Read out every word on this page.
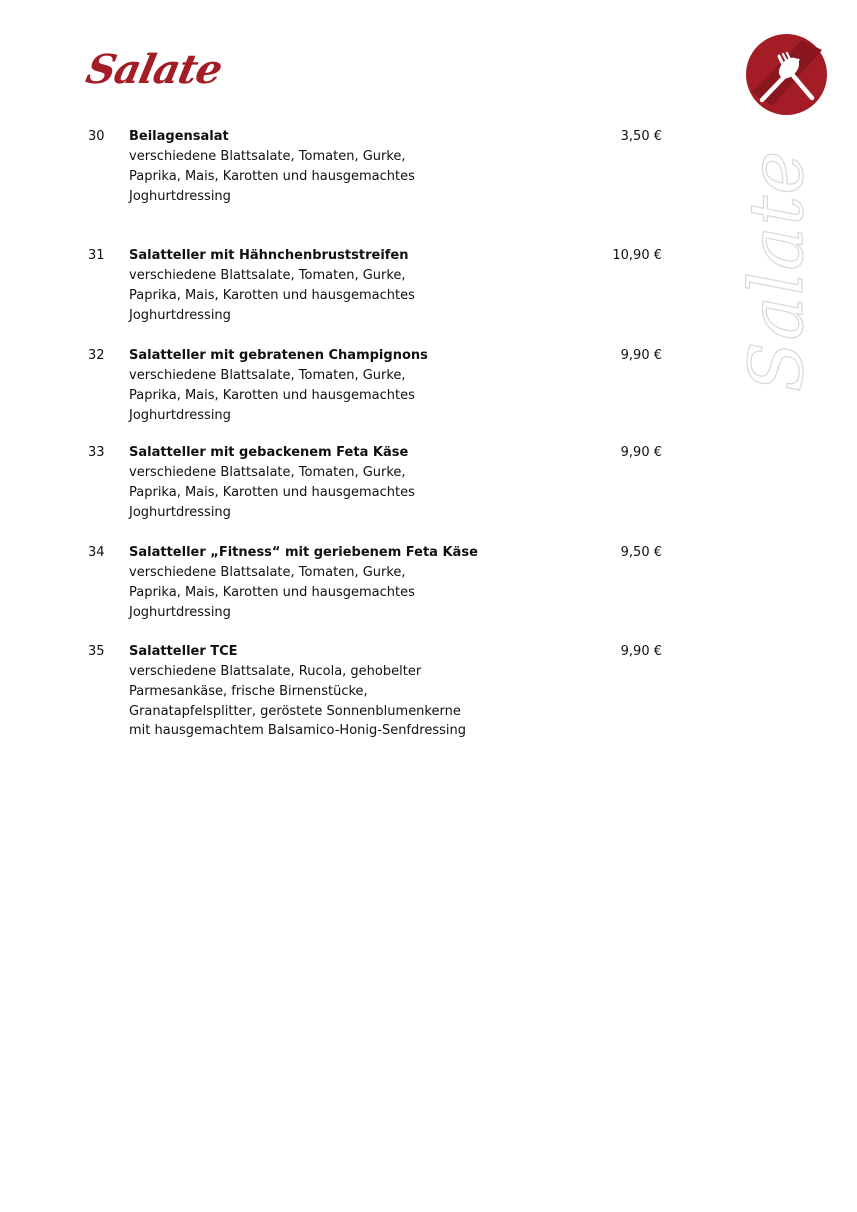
Salate
Salate
30 Beilagensalat
verschiedene Blattsalate, Tomaten, Gurke,
Paprika, Mais, Karotten und hausgemachtes
Joghurtdressing
3,50 €
31 Salatteller mit Hähnchenbruststreifen
verschiedene Blattsalate, Tomaten, Gurke,
Paprika, Mais, Karotten und hausgemachtes
Joghurtdressing
10,90 €
32 Salatteller mit gebratenen Champignons
verschiedene Blattsalate, Tomaten, Gurke,
Paprika, Mais, Karotten und hausgemachtes
Joghurtdressing
9,90 €
33 Salatteller mit gebackenem Feta Käse
verschiedene Blattsalate, Tomaten, Gurke,
Paprika, Mais, Karotten und hausgemachtes
Joghurtdressing
9,90 €
34 Salatteller „Fitness“ mit geriebenem Feta Käse
verschiedene Blattsalate, Tomaten, Gurke,
Paprika, Mais, Karotten und hausgemachtes
Joghurtdressing
9,50 €
35 Salatteller TCE
verschiedene Blattsalate, Rucola, gehobelter
Parmesankäse, frische Birnenstücke,
Granatapfelsplitter, geröstete Sonnenblumenkerne
mit hausgemachtem Balsamico-Honig-Senfdressing
9,90 €
